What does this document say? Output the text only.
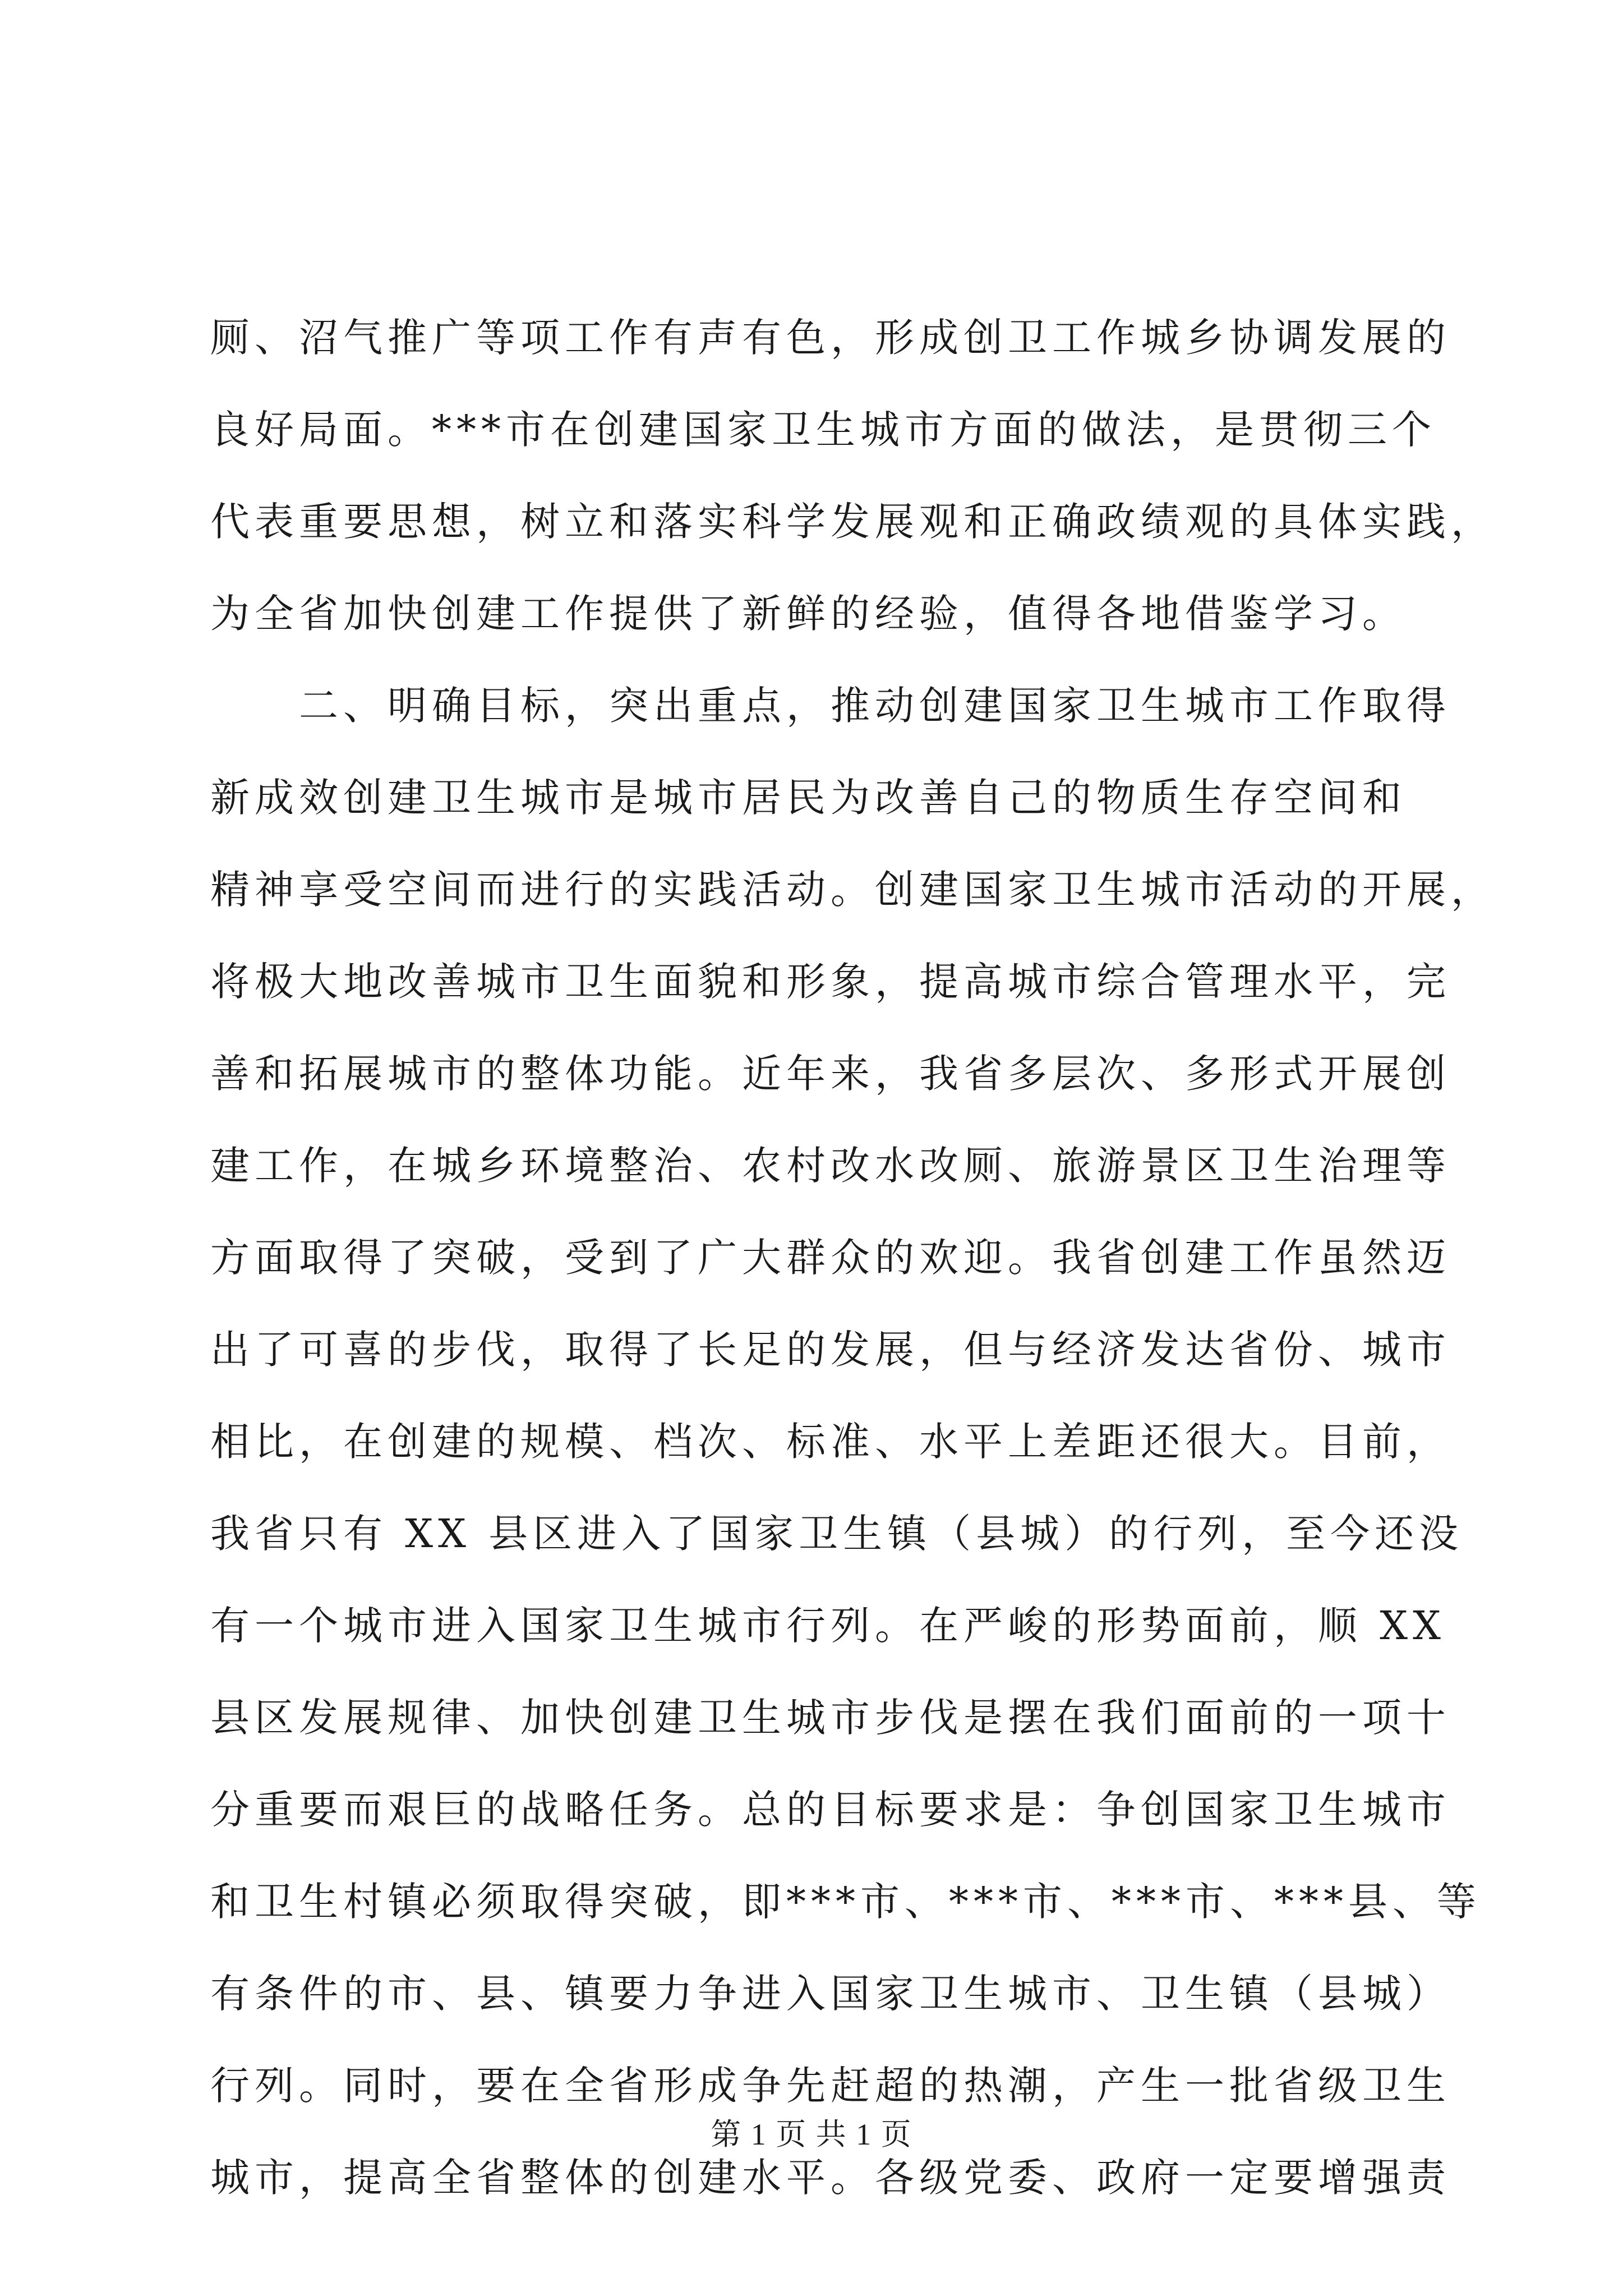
厕、沼气推广等项工作有声有色，形成创卫工作城乡协调发展的
良好局面。***市在创建国家卫生城市方面的做法，是贯彻三个
代表重要思想，树立和落实科学发展观和正确政绩观的具体实践，
为全省加快创建工作提供了新鲜的经验，值得各地借鉴学习。
　　二、明确目标，突出重点，推动创建国家卫生城市工作取得
新成效创建卫生城市是城市居民为改善自己的物质生存空间和
精神享受空间而进行的实践活动。创建国家卫生城市活动的开展，
将极大地改善城市卫生面貌和形象，提高城市综合管理水平，完
善和拓展城市的整体功能。近年来，我省多层次、多形式开展创
建工作，在城乡环境整治、农村改水改厕、旅游景区卫生治理等
方面取得了突破，受到了广大群众的欢迎。我省创建工作虽然迈
出了可喜的步伐，取得了长足的发展，但与经济发达省份、城市
相比，在创建的规模、档次、标准、水平上差距还很大。目前，
我省只有 XX 县区进入了国家卫生镇（县城）的行列，至今还没
有一个城市进入国家卫生城市行列。在严峻的形势面前，顺 XX
县区发展规律、加快创建卫生城市步伐是摆在我们面前的一项十
分重要而艰巨的战略任务。总的目标要求是：争创国家卫生城市
和卫生村镇必须取得突破，即***市、***市、***市、***县、等
有条件的市、县、镇要力争进入国家卫生城市、卫生镇（县城）
行列。同时，要在全省形成争先赶超的热潮，产生一批省级卫生
城市，提高全省整体的创建水平。各级党委、政府一定要增强责
第 1 页 共 1 页
